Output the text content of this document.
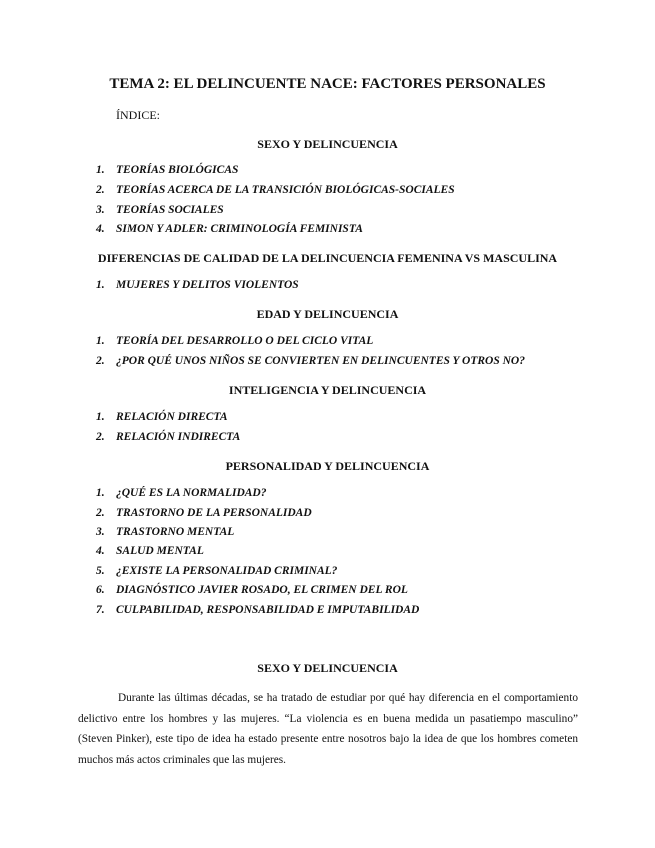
TEMA 2: EL DELINCUENTE NACE: FACTORES PERSONALES
ÍNDICE:
SEXO Y DELINCUENCIA
1. TEORÍAS BIOLÓGICAS
2. TEORÍAS ACERCA DE LA TRANSICIÓN BIOLÓGICAS-SOCIALES
3. TEORÍAS SOCIALES
4. SIMON Y ADLER: CRIMINOLOGÍA FEMINISTA
DIFERENCIAS DE CALIDAD DE LA DELINCUENCIA FEMENINA VS MASCULINA
1. MUJERES Y DELITOS VIOLENTOS
EDAD Y DELINCUENCIA
1. TEORÍA DEL DESARROLLO O DEL CICLO VITAL
2. ¿POR QUÉ UNOS NIÑOS SE CONVIERTEN EN DELINCUENTES Y OTROS NO?
INTELIGENCIA Y DELINCUENCIA
1. RELACIÓN DIRECTA
2. RELACIÓN INDIRECTA
PERSONALIDAD Y DELINCUENCIA
1. ¿QUÉ ES LA NORMALIDAD?
2. TRASTORNO DE LA PERSONALIDAD
3. TRASTORNO MENTAL
4. SALUD MENTAL
5. ¿EXISTE LA PERSONALIDAD CRIMINAL?
6. DIAGNÓSTICO JAVIER ROSADO, EL CRIMEN DEL ROL
7. CULPABILIDAD, RESPONSABILIDAD E IMPUTABILIDAD
SEXO Y DELINCUENCIA
Durante las últimas décadas, se ha tratado de estudiar por qué hay diferencia en el comportamiento delictivo entre los hombres y las mujeres. “La violencia es en buena medida un pasatiempo masculino” (Steven Pinker), este tipo de idea ha estado presente entre nosotros bajo la idea de que los hombres cometen muchos más actos criminales que las mujeres.
